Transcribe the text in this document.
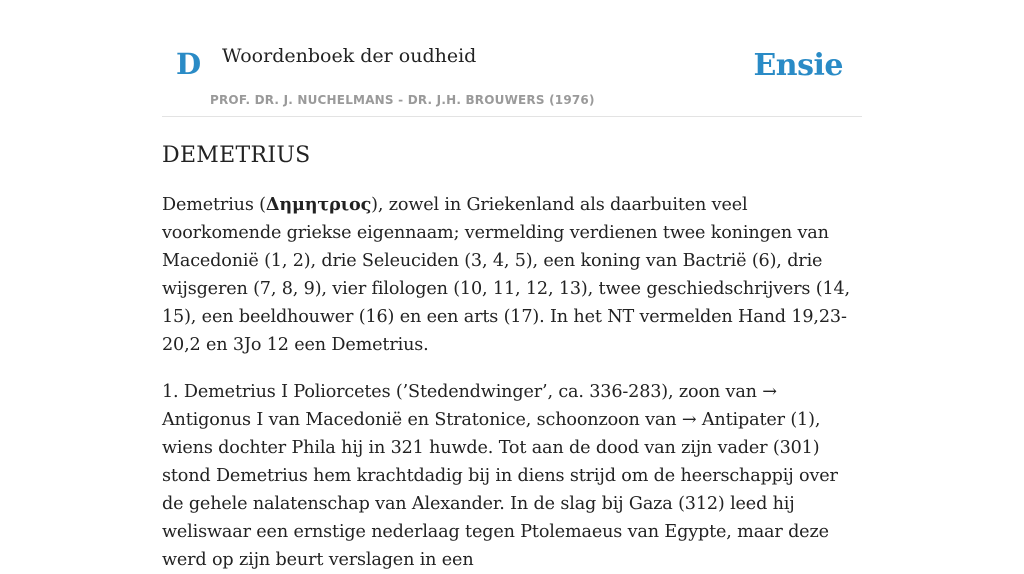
D Woordenboek der oudheid
PROF. DR. J. NUCHELMANS - DR. J.H. BROUWERS (1976)
Ensie
DEMETRIUS

Demetrius (Δημητριος), zowel in Griekenland als daarbuiten veel voorkomende griekse eigennaam; vermelding verdienen twee koningen van Macedonië (1, 2), drie Seleuciden (3, 4, 5), een koning van Bactrië (6), drie wijsgeren (7, 8, 9), vier filologen (10, 11, 12, 13), twee geschiedschrijvers (14, 15), een beeldhouwer (16) en een arts (17). In het NT vermelden Hand 19,23-20,2 en 3Jo 12 een Demetrius.

1. Demetrius I Poliorcetes (’Stedendwinger’, ca. 336-283), zoon van → Antigonus I van Macedonië en Stratonice, schoonzoon van → Antipater (1), wiens dochter Phila hij in 321 huwde. Tot aan de dood van zijn vader (301) stond Demetrius hem krachtdadig bij in diens strijd om de heerschappij over de gehele nalatenschap van Alexander. In de slag bij Gaza (312) leed hij weliswaar een ernstige nederlaag tegen Ptolemaeus van Egypte, maar deze werd op zijn beurt verslagen in een
